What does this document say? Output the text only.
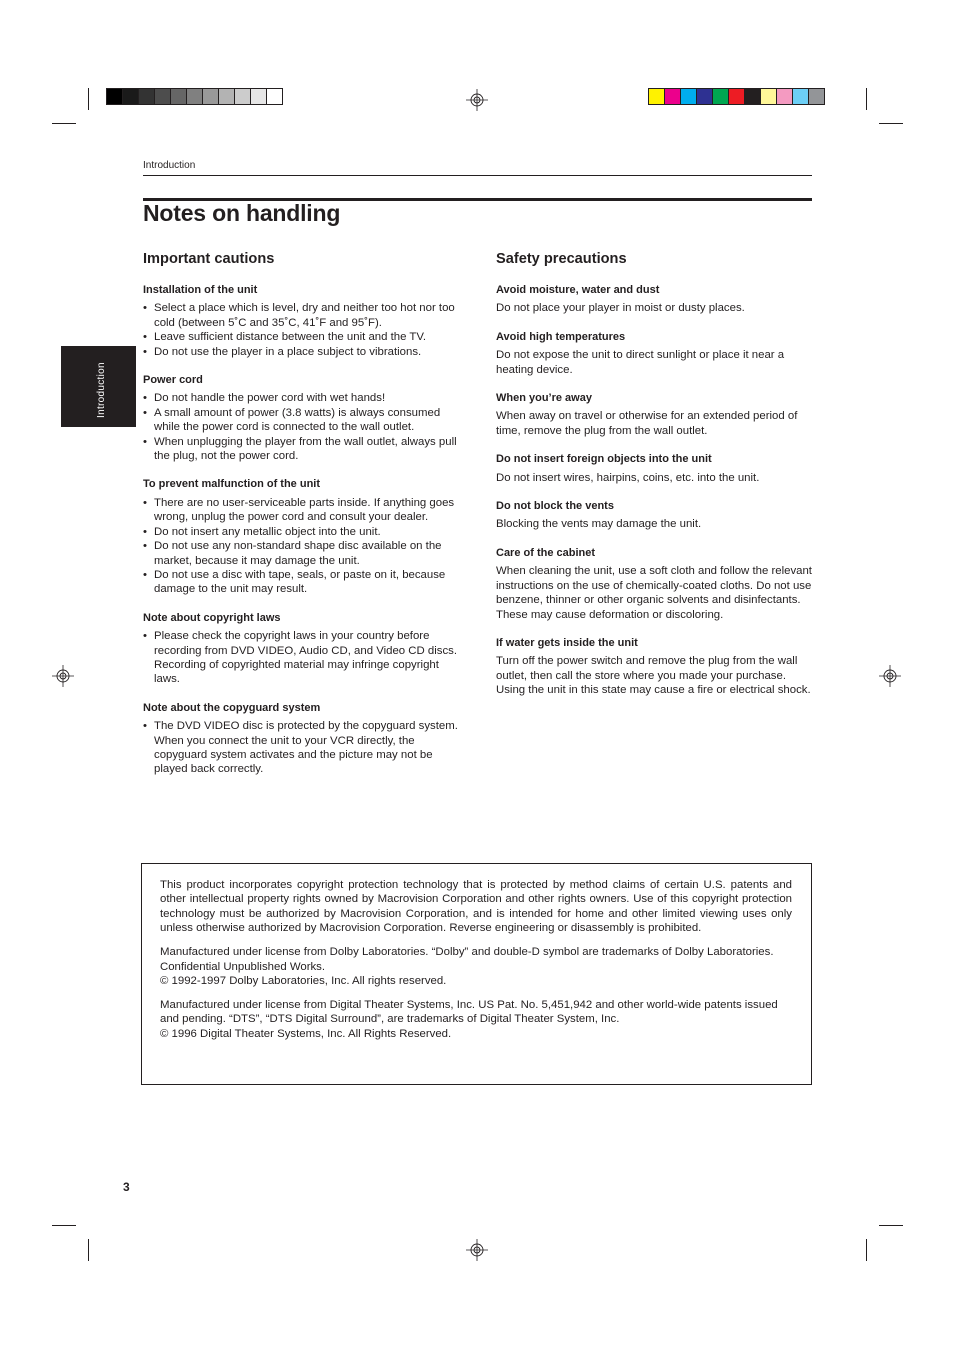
Introduction
Notes on handling
Introduction
Important cautions
Installation of the unit
• Select a place which is level, dry and neither too hot nor too cold (between 5˚C and 35˚C, 41˚F and 95˚F).
• Leave sufficient distance between the unit and the TV.
• Do not use the player in a place subject to vibrations.
Power cord
• Do not handle the power cord with wet hands!
• A small amount of power (3.8 watts) is always consumed while the power cord is connected to the wall outlet.
• When unplugging the player from the wall outlet, always pull the plug, not the power cord.
To prevent malfunction of the unit
• There are no user-serviceable parts inside. If anything goes wrong, unplug the power cord and consult your dealer.
• Do not insert any metallic object into the unit.
• Do not use any non-standard shape disc available on the market, because it may damage the unit.
• Do not use a disc with tape, seals, or paste on it, because damage to the unit may result.
Note about copyright laws
• Please check the copyright laws in your country before recording from DVD VIDEO, Audio CD, and Video CD discs. Recording of copyrighted material may infringe copyright laws.
Note about the copyguard system
• The DVD VIDEO disc is protected by the copyguard system. When you connect the unit to your VCR directly, the copyguard system activates and the picture may not be played back correctly.
Safety precautions
Avoid moisture, water and dust

Do not place your player in moist or dusty places.

Avoid high temperatures

Do not expose the unit to direct sunlight or place it near a heating device.

When you’re away

When away on travel or otherwise for an extended period of time, remove the plug from the wall outlet.

Do not insert foreign objects into the unit

Do not insert wires, hairpins, coins, etc. into the unit.

Do not block the vents

Blocking the vents may damage the unit.

Care of the cabinet

When cleaning the unit, use a soft cloth and follow the relevant instructions on the use of chemically-coated cloths. Do not use benzene, thinner or other organic solvents and disinfectants. These may cause deformation or discoloring.

If water gets inside the unit

Turn off the power switch and remove the plug from the wall outlet, then call the store where you made your purchase. Using the unit in this state may cause a fire or electrical shock.

This product incorporates copyright protection technology that is protected by method claims of certain U.S. patents and other intellectual property rights owned by Macrovision Corporation and other rights owners. Use of this copyright protection technology must be authorized by Macrovision Corporation, and is intended for home and other limited viewing uses only unless otherwise authorized by Macrovision Corporation. Reverse engineering or disassembly is prohibited.

Manufactured under license from Dolby Laboratories. “Dolby” and double-D symbol are trademarks of Dolby Laboratories.
Confidential Unpublished Works.
© 1992-1997 Dolby Laboratories, Inc. All rights reserved.

Manufactured under license from Digital Theater Systems, Inc. US Pat. No. 5,451,942 and other world-wide patents issued and pending. “DTS”, “DTS Digital Surround”, are trademarks of Digital Theater System, Inc.
© 1996 Digital Theater Systems, Inc. All Rights Reserved.

3
